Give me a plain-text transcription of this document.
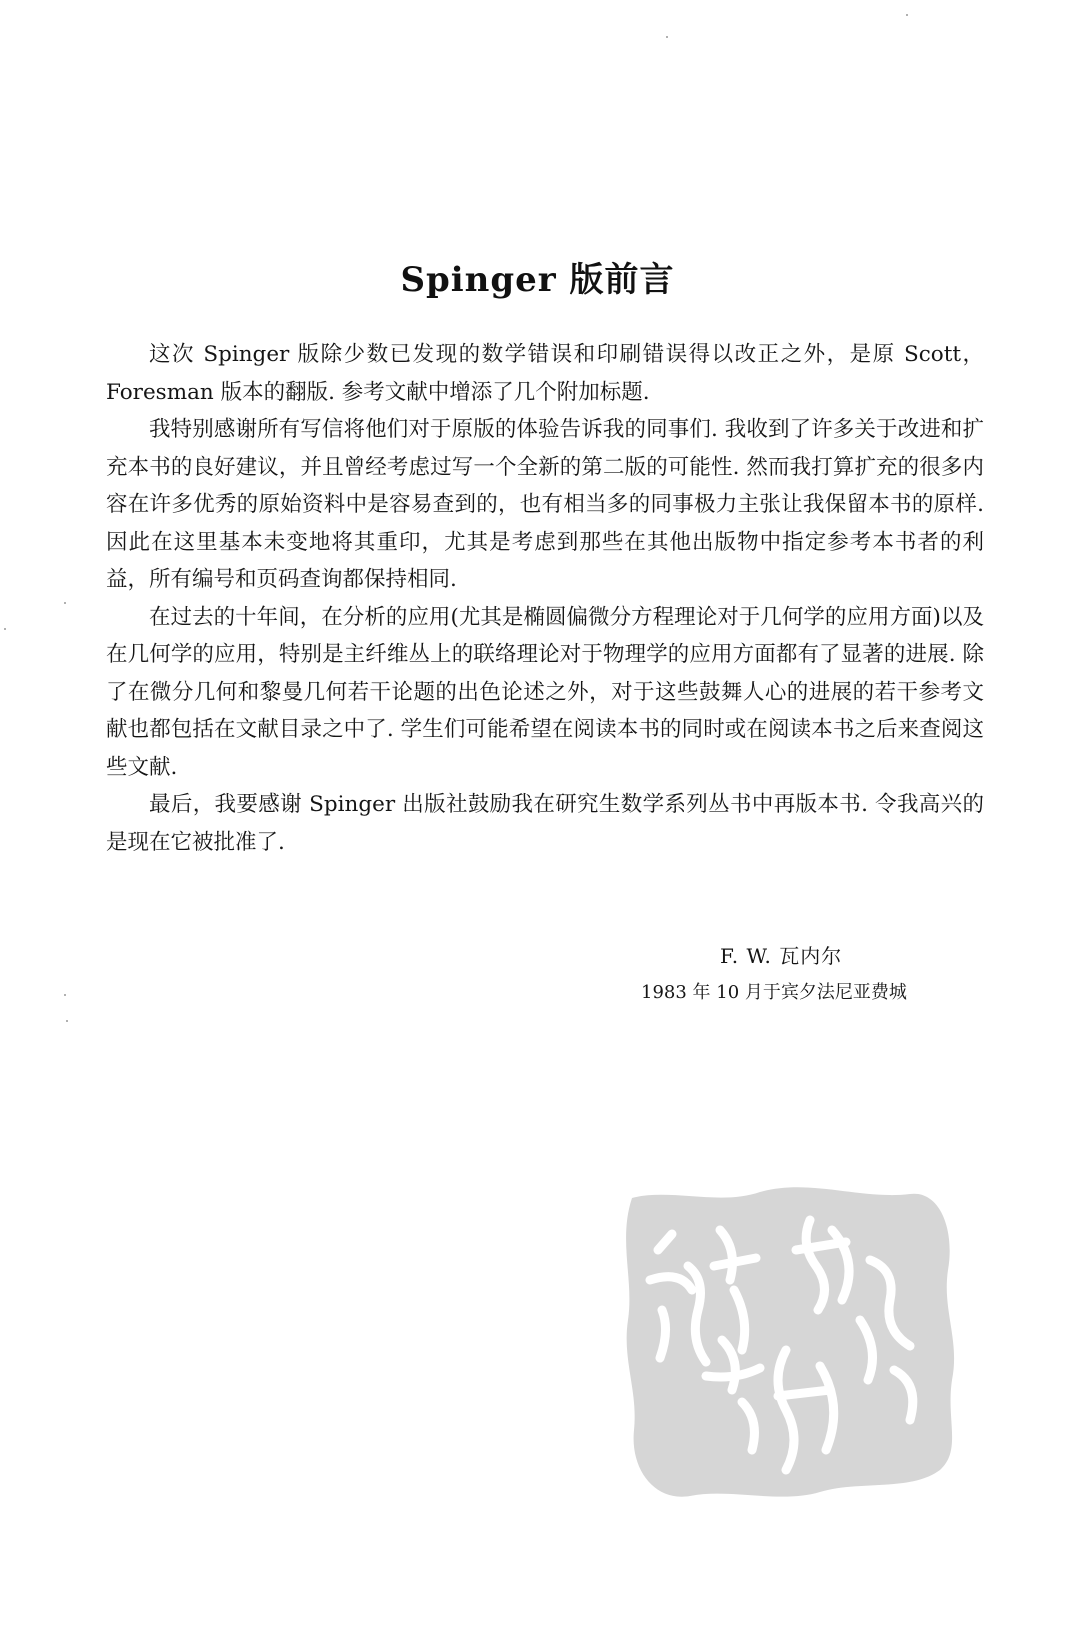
Spinger 版前言

这次 Spinger 版除少数已发现的数学错误和印刷错误得以改正之外，是原 Scott，Foresman 版本的翻版. 参考文献中增添了几个附加标题.

我特别感谢所有写信将他们对于原版的体验告诉我的同事们. 我收到了许多关于改进和扩充本书的良好建议，并且曾经考虑过写一个全新的第二版的可能性. 然而我打算扩充的很多内容在许多优秀的原始资料中是容易查到的，也有相当多的同事极力主张让我保留本书的原样. 因此在这里基本未变地将其重印，尤其是考虑到那些在其他出版物中指定参考本书者的利益，所有编号和页码查询都保持相同.

在过去的十年间，在分析的应用(尤其是椭圆偏微分方程理论对于几何学的应用方面)以及在几何学的应用，特别是主纤维丛上的联络理论对于物理学的应用方面都有了显著的进展. 除了在微分几何和黎曼几何若干论题的出色论述之外，对于这些鼓舞人心的进展的若干参考文献也都包括在文献目录之中了. 学生们可能希望在阅读本书的同时或在阅读本书之后来查阅这些文献.

最后，我要感谢 Spinger 出版社鼓励我在研究生数学系列丛书中再版本书. 令我高兴的是现在它被批准了.

F. W. 瓦内尔
1983 年 10 月于宾夕法尼亚费城
